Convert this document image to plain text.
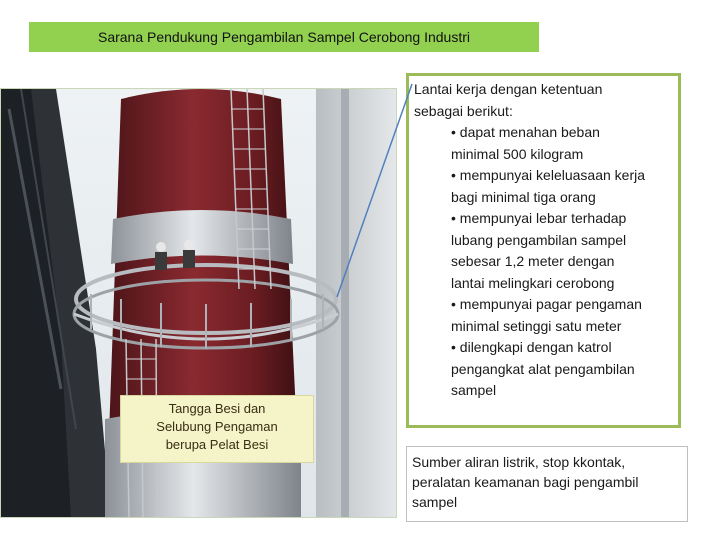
Sarana Pendukung Pengambilan Sampel Cerobong Industri
Tangga Besi dan
Selubung Pengaman
berupa Pelat Besi
Lantai kerja dengan ketentuan
sebagai berikut:
• dapat menahan beban
minimal 500 kilogram
• mempunyai keleluasaan kerja
bagi minimal tiga orang
• mempunyai lebar terhadap
lubang pengambilan sampel
sebesar 1,2 meter dengan
lantai melingkari cerobong
• mempunyai pagar pengaman
minimal setinggi satu meter
• dilengkapi dengan katrol
pengangkat alat pengambilan
sampel
Sumber aliran listrik, stop kkontak,
peralatan keamanan bagi pengambil
sampel
